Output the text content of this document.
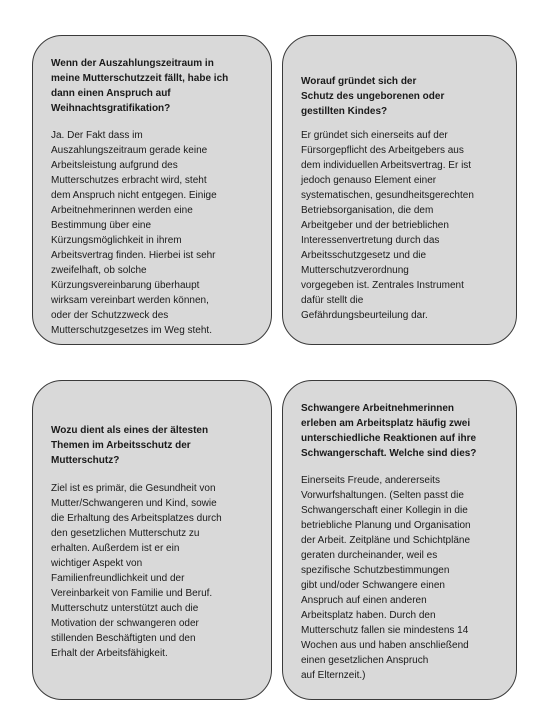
Wenn der Auszahlungszeitraum in
meine Mutterschutzzeit fällt, habe ich
dann einen Anspruch auf
Weihnachtsgratifikation?

Ja. Der Fakt dass im
Auszahlungszeitraum gerade keine
Arbeitsleistung aufgrund des
Mutterschutzes erbracht wird, steht
dem Anspruch nicht entgegen. Einige
Arbeitnehmerinnen werden eine
Bestimmung über eine
Kürzungsmöglichkeit in ihrem
Arbeitsvertrag finden. Hierbei ist sehr
zweifelhaft, ob solche
Kürzungsvereinbarung überhaupt
wirksam vereinbart werden können,
oder der Schutzzweck des
Mutterschutzgesetzes im Weg steht.

Worauf gründet sich der
Schutz des ungeborenen oder
gestillten Kindes?

Er gründet sich einerseits auf der
Fürsorgepflicht des Arbeitgebers aus
dem individuellen Arbeitsvertrag. Er ist
jedoch genauso Element einer
systematischen, gesundheitsgerechten
Betriebsorganisation, die dem
Arbeitgeber und der betrieblichen
Interessenvertretung durch das
Arbeitsschutzgesetz und die
Mutterschutzverordnung
vorgegeben ist. Zentrales Instrument
dafür stellt die
Gefährdungsbeurteilung dar.

Wozu dient als eines der ältesten
Themen im Arbeitsschutz der
Mutterschutz?

Ziel ist es primär, die Gesundheit von
Mutter/Schwangeren und Kind, sowie
die Erhaltung des Arbeitsplatzes durch
den gesetzlichen Mutterschutz zu
erhalten. Außerdem ist er ein
wichtiger Aspekt von
Familienfreundlichkeit und der
Vereinbarkeit von Familie und Beruf.
Mutterschutz unterstützt auch die
Motivation der schwangeren oder
stillenden Beschäftigten und den
Erhalt der Arbeitsfähigkeit.

Schwangere Arbeitnehmerinnen
erleben am Arbeitsplatz häufig zwei
unterschiedliche Reaktionen auf ihre
Schwangerschaft. Welche sind dies?

Einerseits Freude, andererseits
Vorwurfshaltungen. (Selten passt die
Schwangerschaft einer Kollegin in die
betriebliche Planung und Organisation
der Arbeit. Zeitpläne und Schichtpläne
geraten durcheinander, weil es
spezifische Schutzbestimmungen
gibt und/oder Schwangere einen
Anspruch auf einen anderen
Arbeitsplatz haben. Durch den
Mutterschutz fallen sie mindestens 14
Wochen aus und haben anschließend
einen gesetzlichen Anspruch
auf Elternzeit.)
